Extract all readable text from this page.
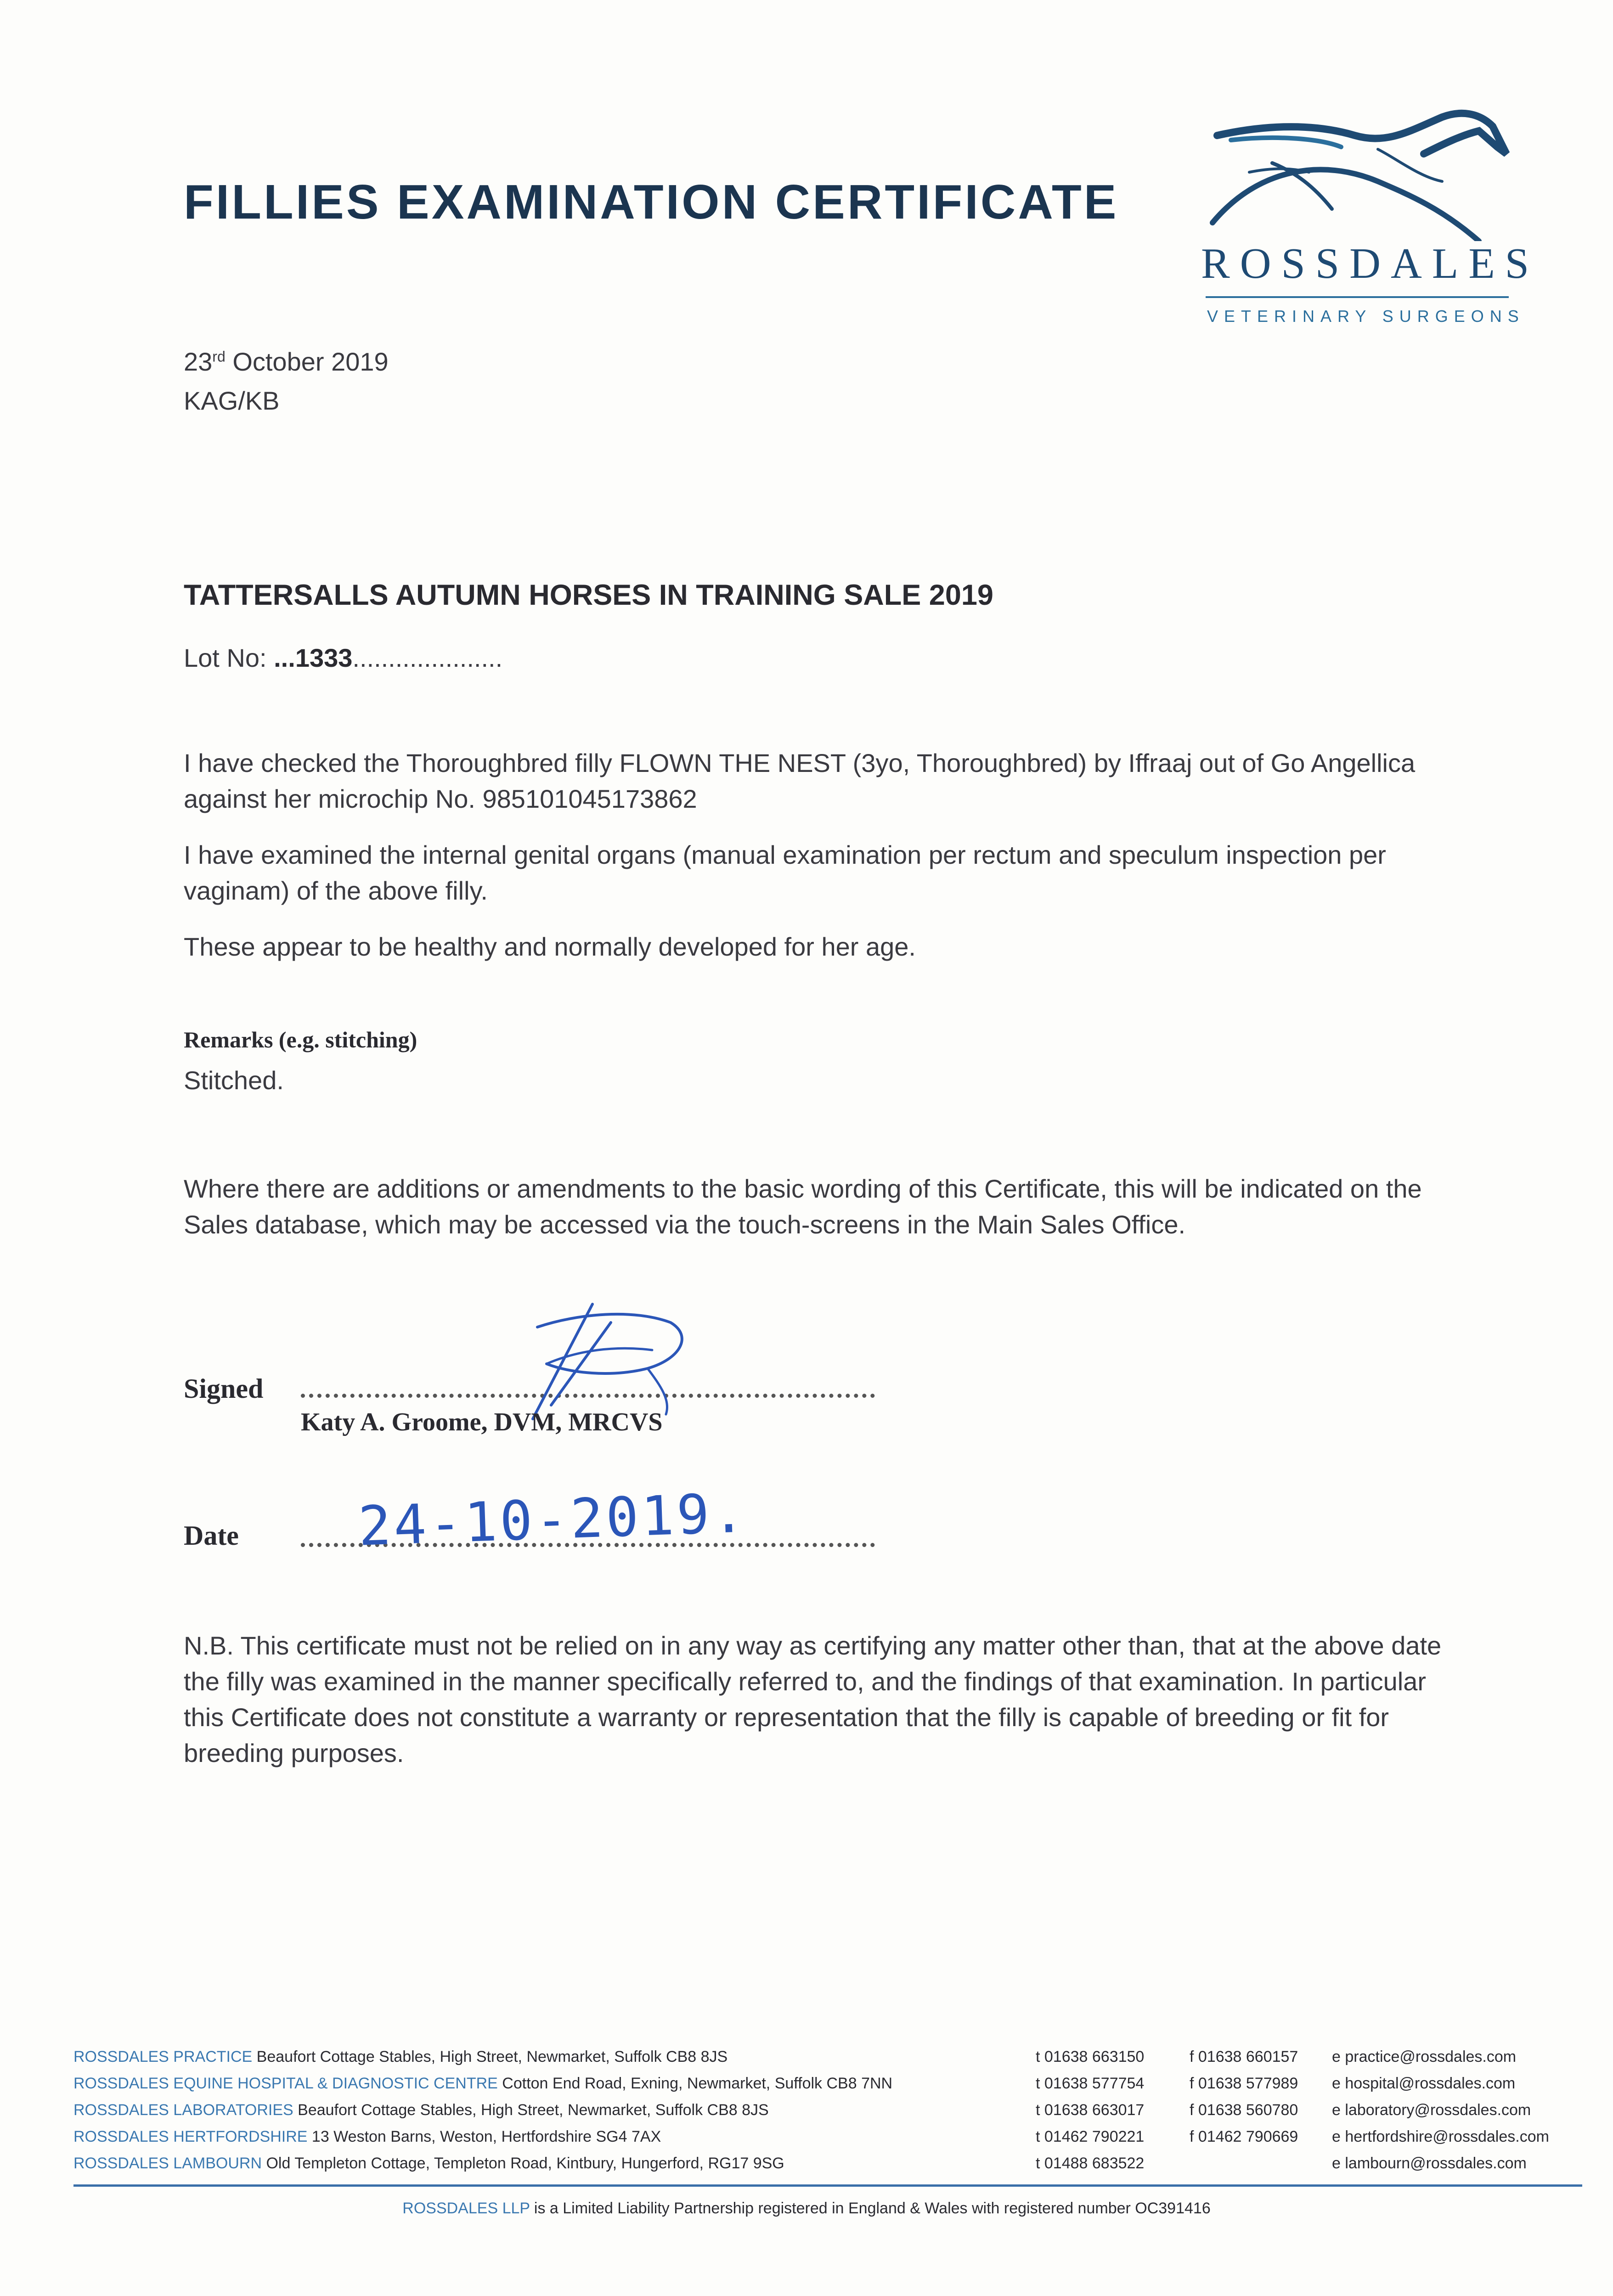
FILLIES EXAMINATION CERTIFICATE
ROSSDALES
VETERINARY SURGEONS
23rd October 2019
KAG/KB
TATTERSALLS AUTUMN HORSES IN TRAINING SALE 2019
Lot No: ...1333.....................
I have checked the Thoroughbred filly FLOWN THE NEST (3yo, Thoroughbred) by Iffraaj out of Go Angellica against her microchip No. 985101045173862
I have examined the internal genital organs (manual examination per rectum and speculum inspection per vaginam) of the above filly.
These appear to be healthy and normally developed for her age.
Remarks (e.g. stitching)
Stitched.
Where there are additions or amendments to the basic wording of this Certificate, this will be indicated on the Sales database, which may be accessed via the touch-screens in the Main Sales Office.
Signed
Katy A. Groome, DVM, MRCVS
Date 24-10-2019.
N.B. This certificate must not be relied on in any way as certifying any matter other than, that at the above date the filly was examined in the manner specifically referred to, and the findings of that examination. In particular this Certificate does not constitute a warranty or representation that the filly is capable of breeding or fit for breeding purposes.
ROSSDALES PRACTICE Beaufort Cottage Stables, High Street, Newmarket, Suffolk CB8 8JS	t 01638 663150	f 01638 660157 e practice@rossdales.com
ROSSDALES EQUINE HOSPITAL & DIAGNOSTIC CENTRE Cotton End Road, Exning, Newmarket, Suffolk CB8 7NN	t 01638 577754	f 01638 577989 e hospital@rossdales.com
ROSSDALES LABORATORIES Beaufort Cottage Stables, High Street, Newmarket, Suffolk CB8 8JS	t 01638 663017	f 01638 560780 e laboratory@rossdales.com
ROSSDALES HERTFORDSHIRE 13 Weston Barns, Weston, Hertfordshire SG4 7AX	t 01462 790221	f 01462 790669 e hertfordshire@rossdales.com
ROSSDALES LAMBOURN Old Templeton Cottage, Templeton Road, Kintbury, Hungerford, RG17 9SG	t 01488 683522	e lambourn@rossdales.com
ROSSDALES LLP is a Limited Liability Partnership registered in England & Wales with registered number OC391416
